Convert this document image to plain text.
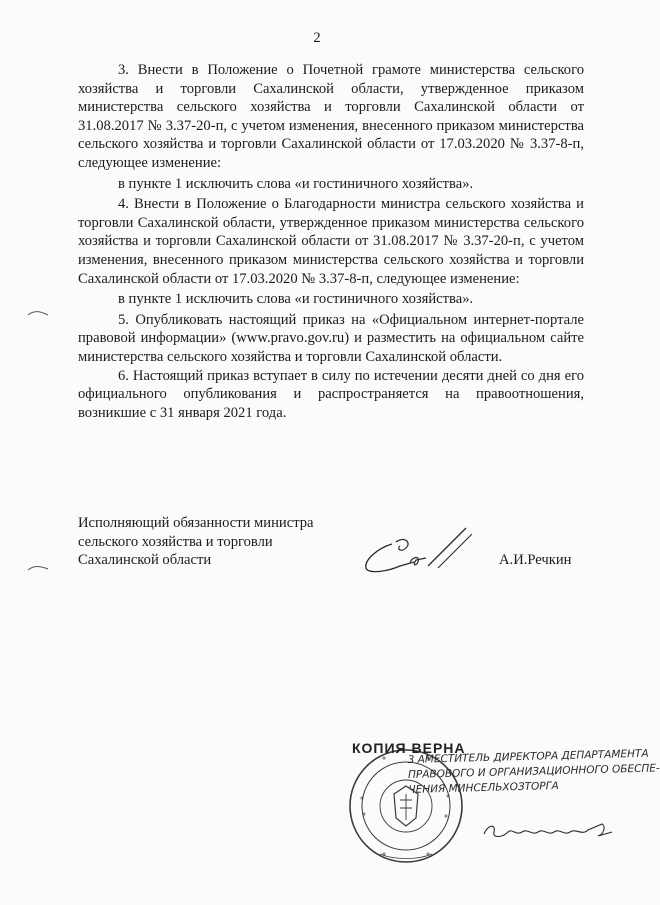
2

3. Внести в Положение о Почетной грамоте министерства сельского хозяйства и торговли Сахалинской области, утвержденное приказом министерства сельского хозяйства и торговли Сахалинской области от 31.08.2017 № 3.37-20-п, с учетом изменения, внесенного приказом министерства сельского хозяйства и торговли Сахалинской области от 17.03.2020 № 3.37-8-п, следующее изменение:

в пункте 1 исключить слова «и гостиничного хозяйства».

4. Внести в Положение о Благодарности министра сельского хозяйства и торговли Сахалинской области, утвержденное приказом министерства сельского хозяйства и торговли Сахалинской области от 31.08.2017 № 3.37-20-п, с учетом изменения, внесенного приказом министерства сельского хозяйства и торговли Сахалинской области от 17.03.2020 № 3.37-8-п, следующее изменение:

в пункте 1 исключить слова «и гостиничного хозяйства».

5. Опубликовать настоящий приказ на «Официальном интернет-портале правовой информации» (www.pravo.gov.ru) и разместить на официальном сайте министерства сельского хозяйства и торговли Сахалинской области.

6. Настоящий приказ вступает в силу по истечении десяти дней со дня его официального опубликования и распространяется на правоотношения, возникшие с 31 января 2021 года.

Исполняющий обязанности министра
сельского хозяйства и торговли
Сахалинской области	А.И.Речкин
КОПИЯ ВЕРНА
3 АМЕСТИТЕЛЬ ДИРЕКТОРА ДЕПАРТАМЕНТА
ПРАВОВОГО И ОРГАНИЗАЦИОННОГО ОБЕСПЕ-
ЧЕНИЯ МИНСЕЛЬХОЗТОРГА
